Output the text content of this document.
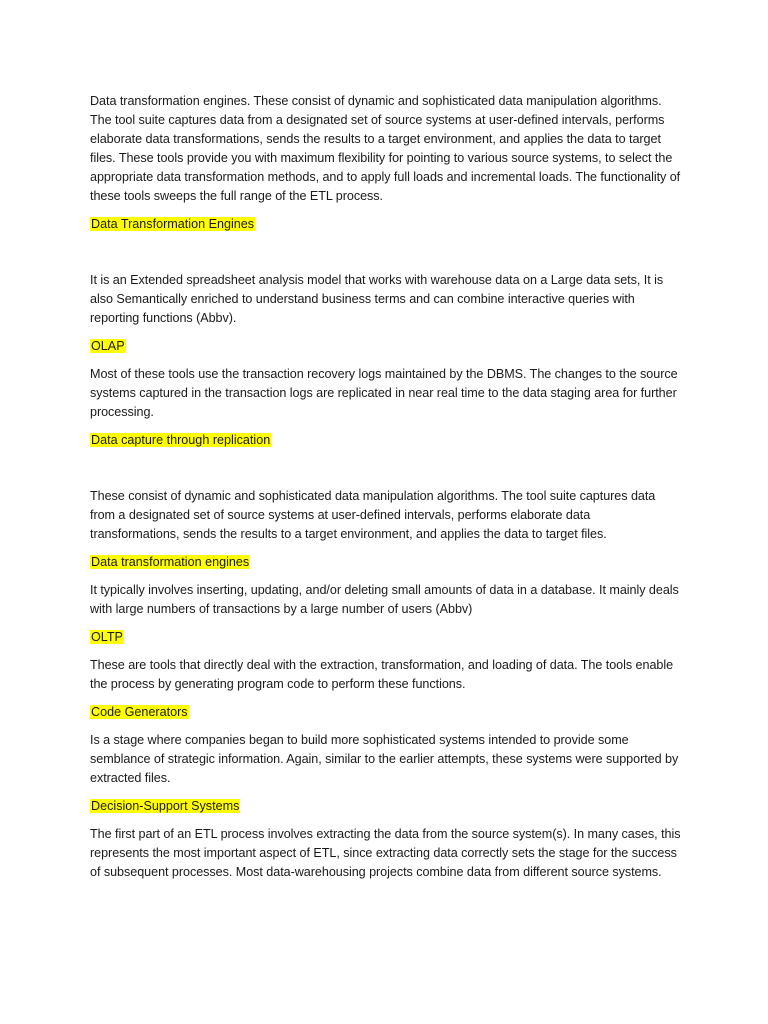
Data transformation engines. These consist of dynamic and sophisticated data manipulation algorithms. The tool suite captures data from a designated set of source systems at user-defined intervals, performs elaborate data transformations, sends the results to a target environment, and applies the data to target files. These tools provide you with maximum flexibility for pointing to various source systems, to select the appropriate data transformation methods, and to apply full loads and incremental loads. The functionality of these tools sweeps the full range of the ETL process.

Data Transformation Engines

It is an Extended spreadsheet analysis model that works with warehouse data on a Large data sets, It is also Semantically enriched to understand business terms and can combine interactive queries with reporting functions (Abbv).

OLAP

Most of these tools use the transaction recovery logs maintained by the DBMS. The changes to the source systems captured in the transaction logs are replicated in near real time to the data staging area for further processing.

Data capture through replication

These consist of dynamic and sophisticated data manipulation algorithms. The tool suite captures data from a designated set of source systems at user-defined intervals, performs elaborate data transformations, sends the results to a target environment, and applies the data to target files.

Data transformation engines

It typically involves inserting, updating, and/or deleting small amounts of data in a database. It mainly deals with large numbers of transactions by a large number of users (Abbv)

OLTP

These are tools that directly deal with the extraction, transformation, and loading of data. The tools enable the process by generating program code to perform these functions.

Code Generators

Is a stage where companies began to build more sophisticated systems intended to provide some semblance of strategic information. Again, similar to the earlier attempts, these systems were supported by extracted files.

Decision-Support Systems

The first part of an ETL process involves extracting the data from the source system(s). In many cases, this represents the most important aspect of ETL, since extracting data correctly sets the stage for the success of subsequent processes. Most data-warehousing projects combine data from different source systems.
